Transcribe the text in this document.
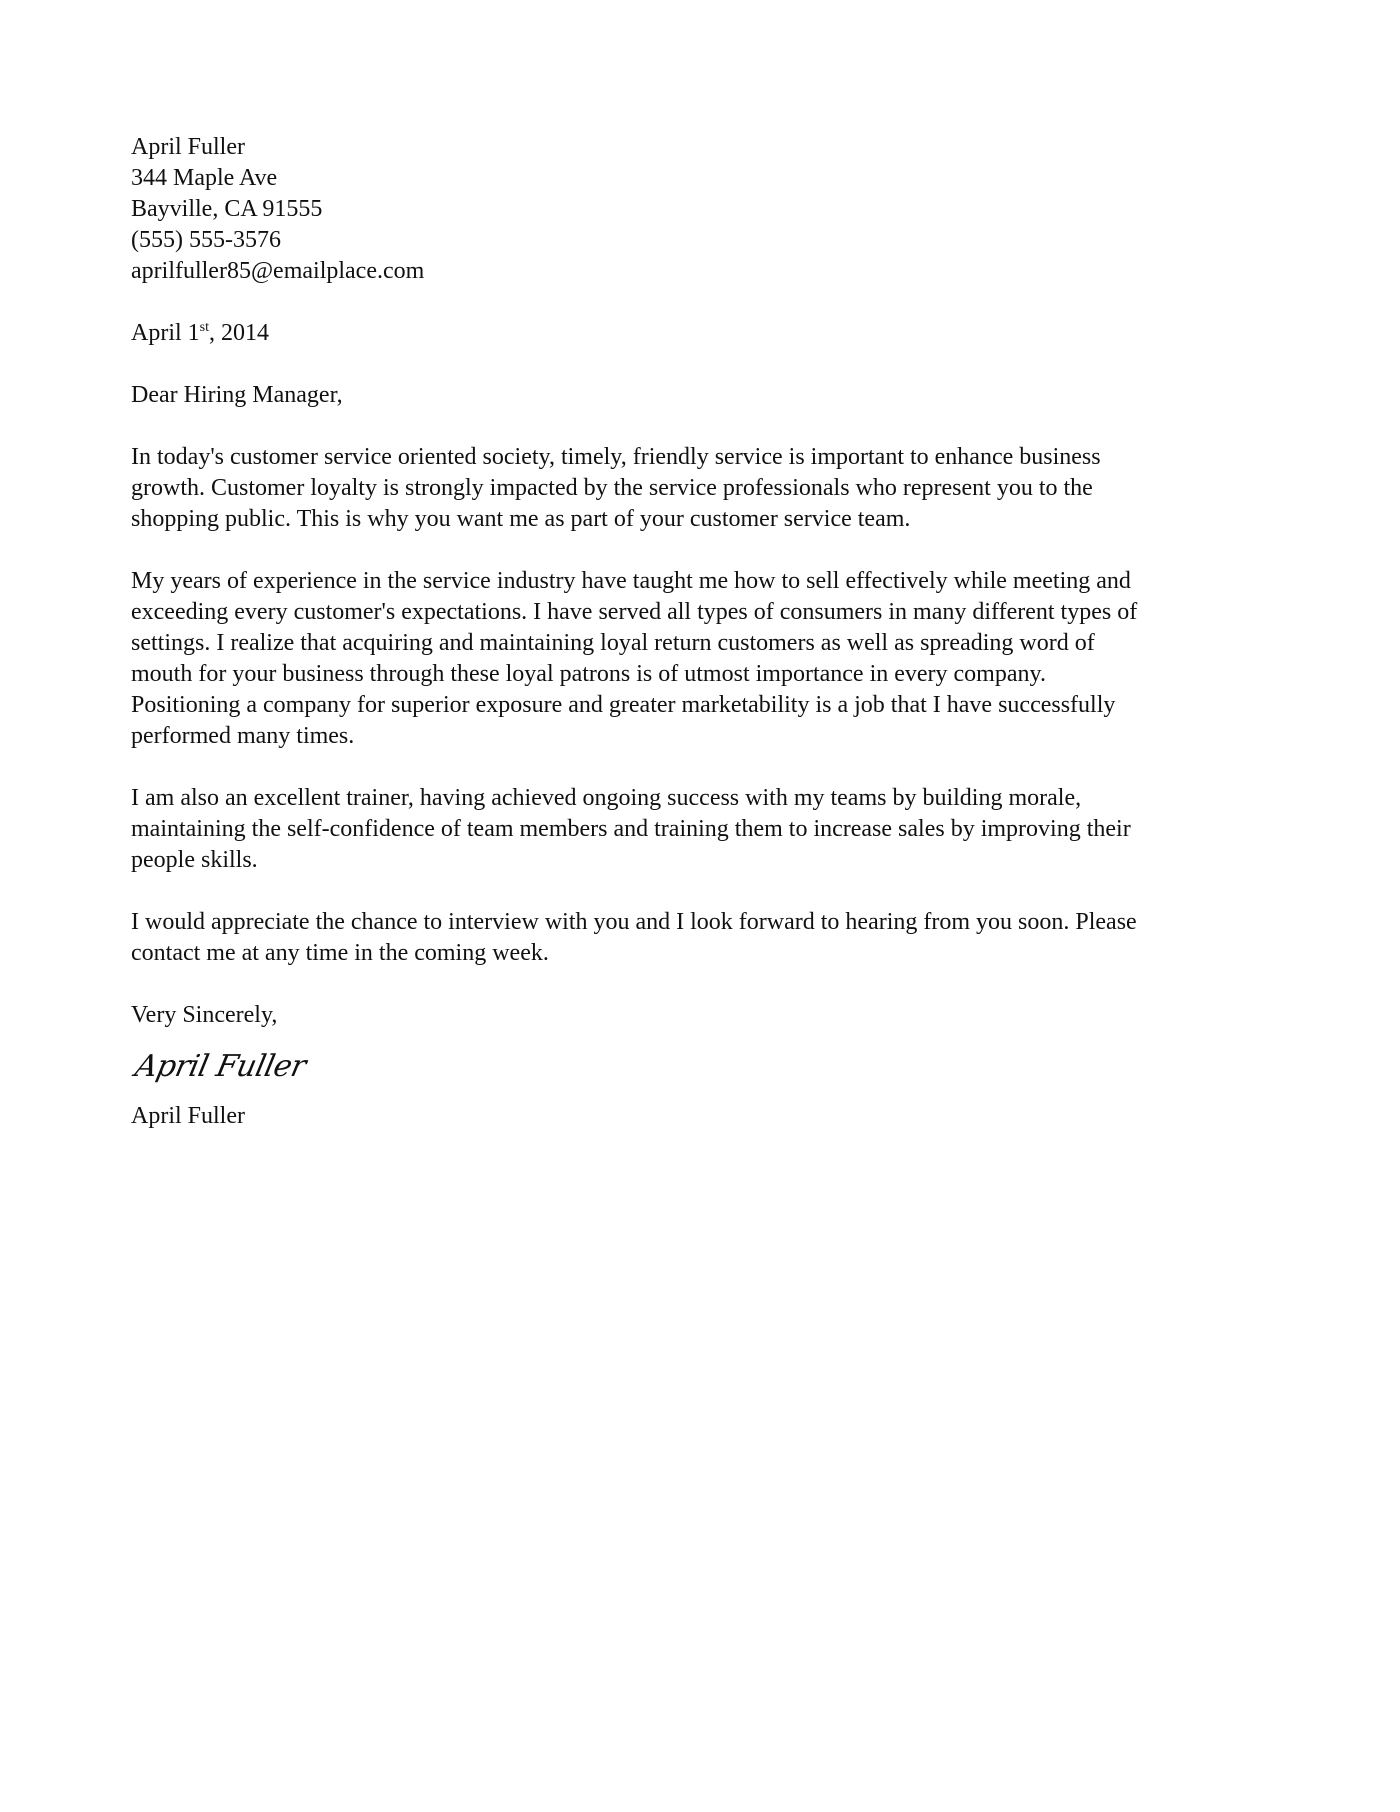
April Fuller
344 Maple Ave
Bayville, CA 91555
(555) 555-3576
aprilfuller85@emailplace.com
April 1st, 2014
Dear Hiring Manager,
In today's customer service oriented society, timely, friendly service is important to enhance business
growth. Customer loyalty is strongly impacted by the service professionals who represent you to the
shopping public. This is why you want me as part of your customer service team.
My years of experience in the service industry have taught me how to sell effectively while meeting and
exceeding every customer's expectations. I have served all types of consumers in many different types of
settings. I realize that acquiring and maintaining loyal return customers as well as spreading word of
mouth for your business through these loyal patrons is of utmost importance in every company.
Positioning a company for superior exposure and greater marketability is a job that I have successfully
performed many times.
I am also an excellent trainer, having achieved ongoing success with my teams by building morale,
maintaining the self-confidence of team members and training them to increase sales by improving their
people skills.
I would appreciate the chance to interview with you and I look forward to hearing from you soon. Please
contact me at any time in the coming week.
Very Sincerely,
April Fuller
April Fuller
